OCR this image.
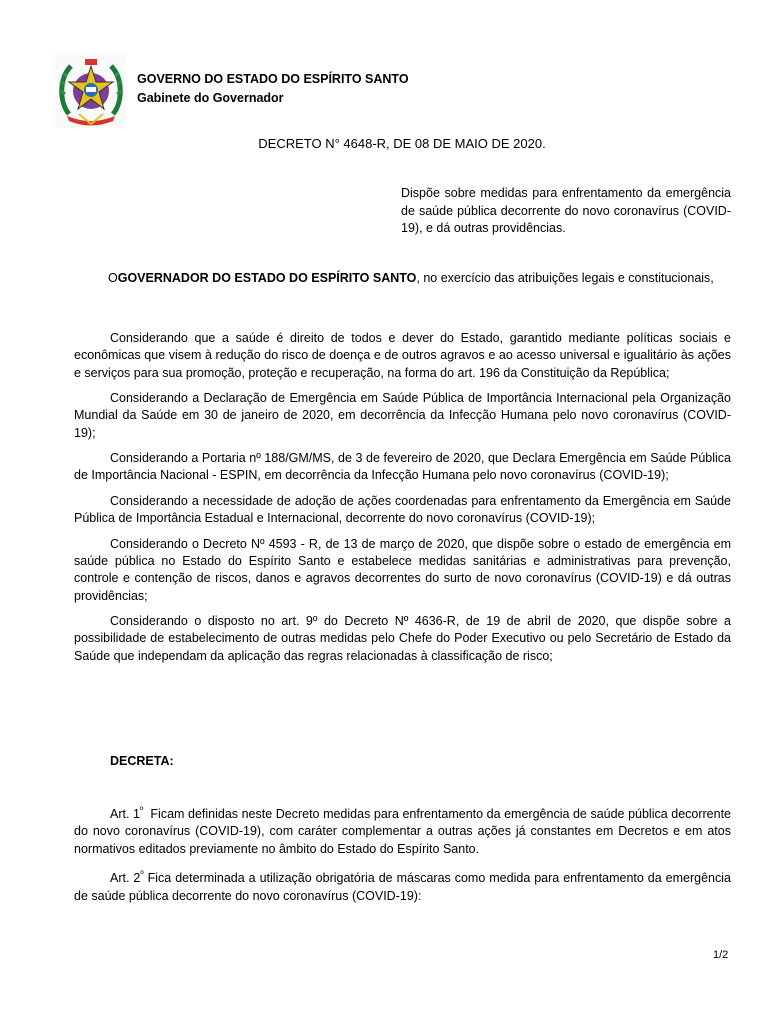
GOVERNO DO ESTADO DO ESPÍRITO SANTO
Gabinete do Governador
DECRETO N° 4648-R, DE 08 DE MAIO DE 2020.
Dispõe sobre medidas para enfrentamento da emergência de saúde pública decorrente do novo coronavírus (COVID-19), e dá outras providências.

OGOVERNADOR DO ESTADO DO ESPÍRITO SANTO, no exercício das atribuições legais e constitucionais,

Considerando que a saúde é direito de todos e dever do Estado, garantido mediante políticas sociais e econômicas que visem à redução do risco de doença e de outros agravos e ao acesso universal e igualitário às ações e serviços para sua promoção, proteção e recuperação, na forma do art. 196 da Constituição da República;

Considerando a Declaração de Emergência em Saúde Pública de Importância Internacional pela Organização Mundial da Saúde em 30 de janeiro de 2020, em decorrência da Infecção Humana pelo novo coronavírus (COVID-19);

Considerando a Portaria nº 188/GM/MS, de 3 de fevereiro de 2020, que Declara Emergência em Saúde Pública de Importância Nacional - ESPIN, em decorrência da Infecção Humana pelo novo coronavírus (COVID-19);

Considerando a necessidade de adoção de ações coordenadas para enfrentamento da Emergência em Saúde Pública de Importância Estadual e Internacional, decorrente do novo coronavírus (COVID-19);

Considerando o Decreto Nº 4593 - R, de 13 de março de 2020, que dispõe sobre o estado de emergência em saúde pública no Estado do Espírito Santo e estabelece medidas sanitárias e administrativas para prevenção, controle e contenção de riscos, danos e agravos decorrentes do surto de novo coronavírus (COVID-19) e dá outras providências;

Considerando o disposto no art. 9º do Decreto Nº 4636-R, de 19 de abril de 2020, que dispõe sobre a possibilidade de estabelecimento de outras medidas pelo Chefe do Poder Executivo ou pelo Secretário de Estado da Saúde que independam da aplicação das regras relacionadas à classificação de risco;

DECRETA:

Art. $1^º$ Ficam definidas neste Decreto medidas para enfrentamento da emergência de saúde pública decorrente do novo coronavírus (COVID-19), com caráter complementar a outras ações já constantes em Decretos e em atos normativos editados previamente no âmbito do Estado do Espírito Santo.

Art. $2^º$ Fica determinada a utilização obrigatória de máscaras como medida para enfrentamento da emergência de saúde pública decorrente do novo coronavírus (COVID-19):

1/2
